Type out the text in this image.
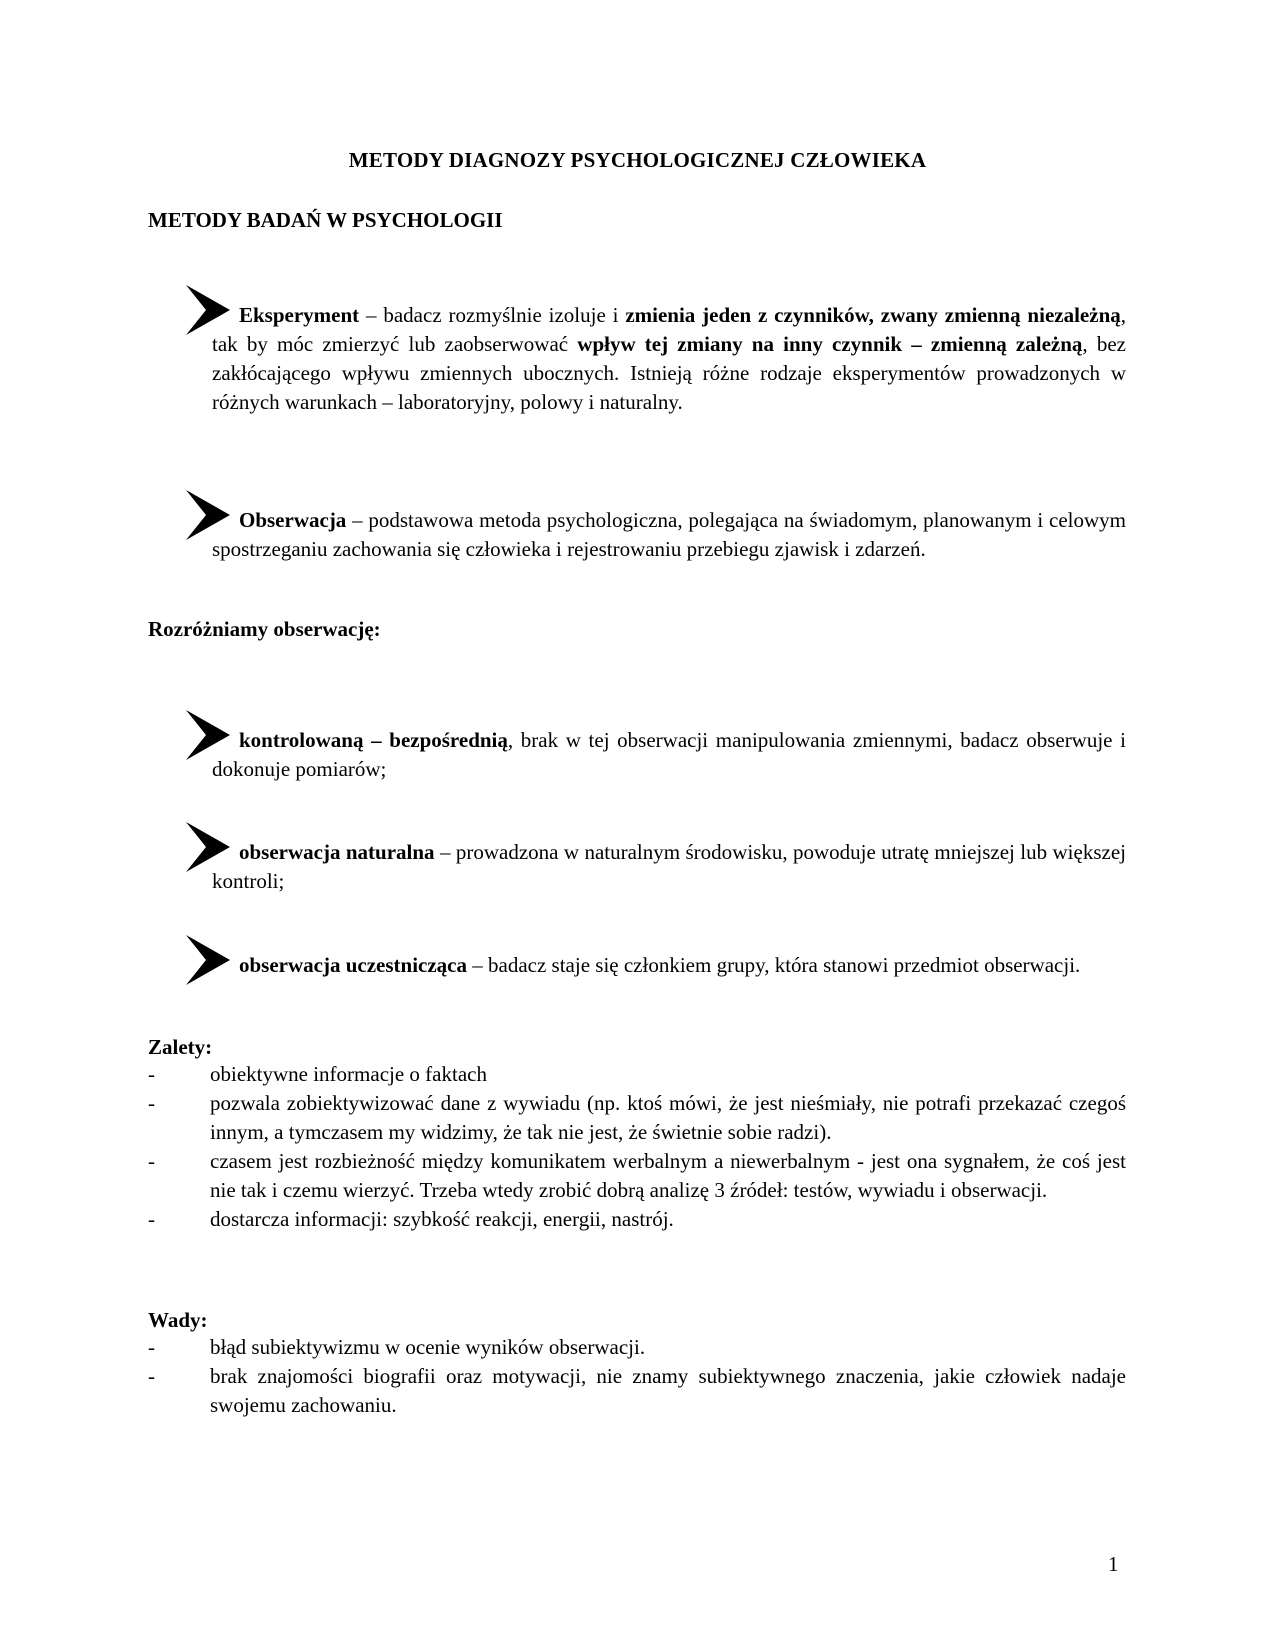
METODY DIAGNOZY PSYCHOLOGICZNEJ CZŁOWIEKA
METODY BADAŃ W PSYCHOLOGII

Eksperyment – badacz rozmyślnie izoluje i zmienia jeden z czynników, zwany zmienną niezależną, tak by móc zmierzyć lub zaobserwować wpływ tej zmiany na inny czynnik – zmienną zależną, bez zakłócającego wpływu zmiennych ubocznych. Istnieją różne rodzaje eksperymentów prowadzonych w różnych warunkach – laboratoryjny, polowy i naturalny.

Obserwacja – podstawowa metoda psychologiczna, polegająca na świadomym, planowanym i celowym spostrzeganiu zachowania się człowieka i rejestrowaniu przebiegu zjawisk i zdarzeń.

Rozróżniamy obserwację:

kontrolowaną – bezpośrednią, brak w tej obserwacji manipulowania zmiennymi, badacz obserwuje i dokonuje pomiarów;

obserwacja naturalna – prowadzona w naturalnym środowisku, powoduje utratę mniejszej lub większej kontroli;

obserwacja uczestnicząca – badacz staje się członkiem grupy, która stanowi przedmiot obserwacji.

Zalety:
-	obiektywne informacje o faktach
-	pozwala zobiektywizować dane z wywiadu (np. ktoś mówi, że jest nieśmiały, nie potrafi przekazać czegoś innym, a tymczasem my widzimy, że tak nie jest, że świetnie sobie radzi).
-	czasem jest rozbieżność między komunikatem werbalnym a niewerbalnym - jest ona sygnałem, że coś jest nie tak i czemu wierzyć. Trzeba wtedy zrobić dobrą analizę 3 źródeł: testów, wywiadu i obserwacji.
-	dostarcza informacji: szybkość reakcji, energii, nastrój.
Wady:
-	błąd subiektywizmu w ocenie wyników obserwacji.
-	brak znajomości biografii oraz motywacji, nie znamy subiektywnego znaczenia, jakie człowiek nadaje swojemu zachowaniu.
1
